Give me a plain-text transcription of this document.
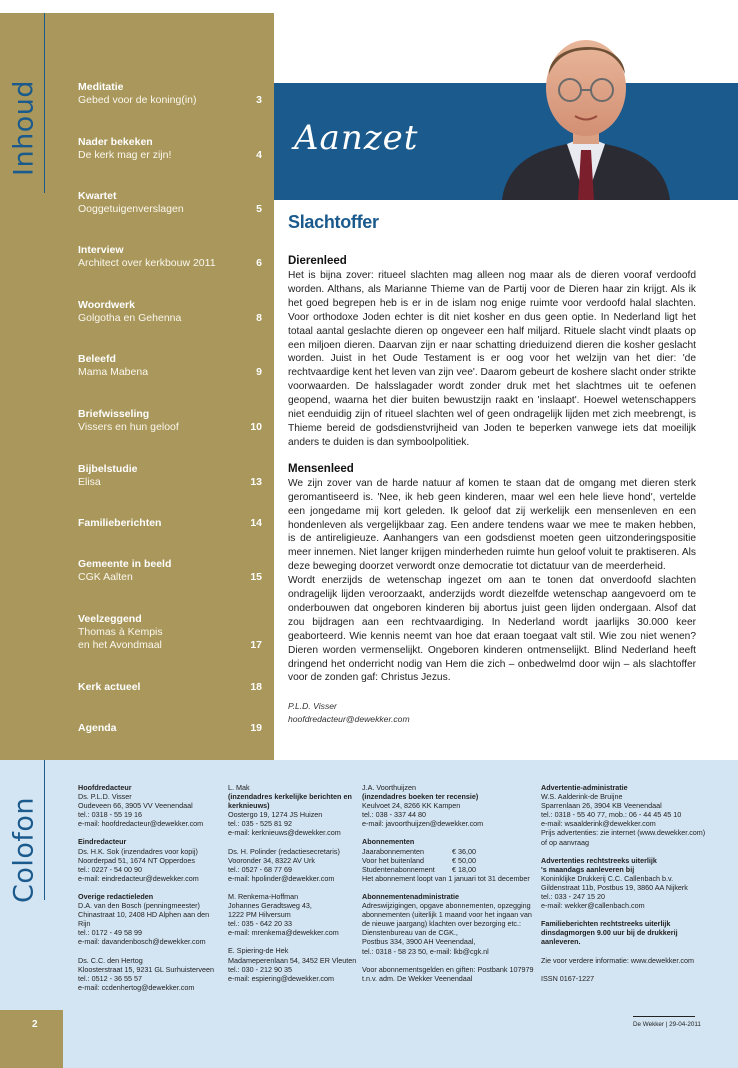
Inhoud	Meditatie
Gebed voor de koning(in)	3
Nader bekeken
De kerk mag er zijn!	4
Kwartet
Ooggetuigenverslagen	5
Interview
Architect over kerkbouw 2011	6
Woordwerk
Golgotha en Gehenna	8
Beleefd
Mama Mabena	9
Briefwisseling
Vissers en hun geloof	10
Bijbelstudie
Elisa	13
Familieberichten	14
Gemeente in beeld
CGK Aalten	15
Veelzeggend
Thomas à Kempis
en het Avondmaal	17
Kerk actueel	18
Agenda	19
Aanzet
Slachtoffer
Dierenleed

Het is bijna zover: ritueel slachten mag alleen nog maar als de dieren vooraf verdoofd worden. Althans, als Marianne Thieme van de Partij voor de Dieren haar zin krijgt. Als ik het goed begrepen heb is er in de islam nog enige ruimte voor verdoofd halal slachten. Voor orthodoxe Joden echter is dit niet kosher en dus geen optie. In Nederland ligt het totaal aantal geslachte dieren op ongeveer een half miljard. Rituele slacht vindt plaats op een miljoen dieren. Daarvan zijn er naar schatting drieduizend dieren die kosher geslacht worden. Juist in het Oude Testament is er oog voor het welzijn van het dier: 'de rechtvaardige kent het leven van zijn vee'. Daarom gebeurt de koshere slacht onder strikte voorwaarden. De halsslagader wordt zonder druk met het slachtmes uit te oefenen geopend, waarna het dier buiten bewustzijn raakt en 'inslaapt'. Hoewel wetenschappers niet eenduidig zijn of ritueel slachten wel of geen ondragelijk lijden met zich meebrengt, is Thieme bereid de godsdienstvrijheid van Joden te beperken vanwege iets dat moeilijk anders te duiden is dan symboolpolitiek.

Mensenleed

We zijn zover van de harde natuur af komen te staan dat de omgang met dieren sterk geromantiseerd is. 'Nee, ik heb geen kinderen, maar wel een hele lieve hond', vertelde een jongedame mij kort geleden. Ik geloof dat zij werkelijk een mensenleven en een hondenleven als vergelijkbaar zag. Een andere tendens waar we mee te maken hebben, is de antireligieuze. Aanhangers van een godsdienst moeten geen uitzonderingspositie meer innemen. Niet langer krijgen minderheden ruimte hun geloof voluit te praktiseren. Als deze beweging doorzet verwordt onze democratie tot dictatuur van de meerderheid.

Wordt enerzijds de wetenschap ingezet om aan te tonen dat onverdoofd slachten ondragelijk lijden veroorzaakt, anderzijds wordt diezelfde wetenschap aangevoerd om te onderbouwen dat ongeboren kinderen bij abortus juist geen lijden ondergaan. Alsof dat zou bijdragen aan een rechtvaardiging. In Nederland wordt jaarlijks 30.000 keer geaborteerd. Wie kennis neemt van hoe dat eraan toegaat valt stil. Wie zou niet wenen? Dieren worden vermenselijkt. Ongeboren kinderen ontmenselijkt. Blind Nederland heeft dringend het onderricht nodig van Hem die zich – onbedwelmd door wijn – als slachtoffer voor de zonden gaf: Christus Jezus.

P.L.D. Visser
hoofdredacteur@dewekker.com
Colofon
Hoofdredacteur
Ds. P.L.D. Visser
Oudeveen 66, 3905 VV Veenendaal
tel.: 0318 - 55 19 16
e-mail: hoofdredacteur@dewekker.com
Eindredacteur
Ds. H.K. Sok (inzendadres voor kopij)
Noorderpad 51, 1674 NT Opperdoes
tel.: 0227 - 54 00 90
e-mail: eindredacteur@dewekker.com
Overige redactieleden
D.A. van den Bosch (penningmeester)
Chinastraat 10, 2408 HD Alphen aan den Rijn
tel.: 0172 - 49 58 99
e-mail: davandenbosch@dewekker.com
Ds. C.C. den Hertog
Kloosterstraat 15, 9231 GL Surhuisterveen
tel.: 0512 - 36 55 57
e-mail: ccdenhertog@dewekker.com
L. Mak
(inzendadres kerkelijke berichten en kerknieuws)
Oostergo 19, 1274 JS Huizen
tel.: 035 - 525 81 92
e-mail: kerknieuws@dewekker.com
Ds. H. Polinder (redactiesecretaris)
Vooronder 34, 8322 AV Urk
tel.: 0527 - 68 77 69
e-mail: hpolinder@dewekker.com
M. Renkema-Hoffman
Johannes Geradtsweg 43,
1222 PM Hilversum
tel.: 035 - 642 20 33
e-mail: mrenkema@dewekker.com
E. Spiering-de Hek
Madameperenlaan 54, 3452 ER Vleuten
tel.: 030 - 212 90 35
e-mail: espiering@dewekker.com
J.A. Voorthuijzen
(inzendadres boeken ter recensie)
Keulvoet 24, 8266 KK Kampen
tel.: 038 - 337 44 80
e-mail: javoorthuijzen@dewekker.com
Abonnementen
Jaarabonnementen	€ 36,00
Voor het buitenland	€ 50,00
Studentenabonnement	€ 18,00
Het abonnement loopt van 1 januari tot 31 december
Abonnementenadministratie
Adreswijzigingen, opgave abonnementen, opzegging
abonnementen (uiterlijk 1 maand voor het ingaan van
de nieuwe jaargang) klachten over bezorging etc.:
Dienstenbureau van de CGK.,
Postbus 334, 3900 AH Veenendaal,
tel.: 0318 - 58 23 50, e-mail: lkb@cgk.nl
Voor abonnementsgelden en giften: Postbank 107979
t.n.v. adm. De Wekker Veenendaal
Advertentie-administratie
W.S. Aalderink-de Bruijne
Sparrenlaan 26, 3904 KB Veenendaal
tel.: 0318 - 55 40 77, mob.: 06 - 44 45 45 10
e-mail: wsaalderink@dewekker.com
Prijs advertenties: zie internet (www.dewekker.com)
of op aanvraag
Advertenties rechtstreeks uiterlijk
's maandags aanleveren bij
Koninklijke Drukkerij C.C. Callenbach b.v.
Gildenstraat 11b, Postbus 19, 3860 AA Nijkerk
tel.: 033 - 247 15 20
e-mail: wekker@callenbach.com
Familieberichten rechtstreeks uiterlijk
dinsdagmorgen 9.00 uur bij de drukkerij
aanleveren.
Zie voor verdere informatie: www.dewekker.com
ISSN 0167-1227
2	De Wekker | 29-04-2011
